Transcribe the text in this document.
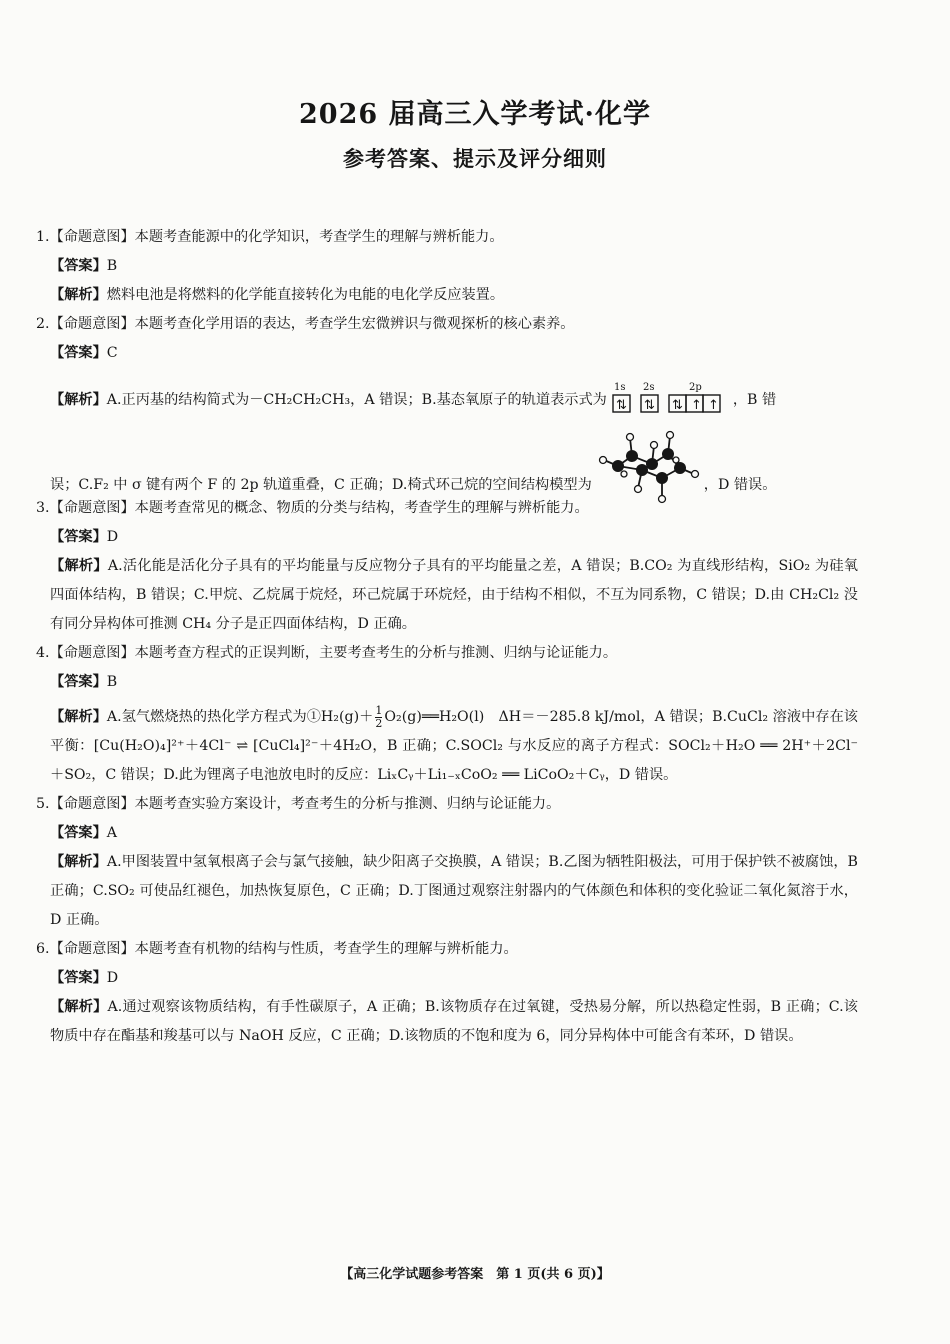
2026 届高三入学考试·化学
参考答案、提示及评分细则

1.【命题意图】本题考查能源中的化学知识，考查学生的理解与辨析能力。

【答案】B

【解析】燃料电池是将燃料的化学能直接转化为电能的电化学反应装置。

2.【命题意图】本题考查化学用语的表达，考查学生宏微辨识与微观探析的核心素养。

【答案】C

【解析】A.正丙基的结构简式为－CH₂CH₂CH₃，A 错误；B.基态氧原子的轨道表示式为
1s 2s	2p
⇅ ⇅ ⇅ ↑ ↑ ，B 错

误；C.F₂ 中 σ 键有两个 F 的 2p 轨道重叠，C 正确；D.椅式环己烷的空间结构模型为	，D 错误。

3.【命题意图】本题考查常见的概念、物质的分类与结构，考查学生的理解与辨析能力。

【答案】D

【解析】A.活化能是活化分子具有的平均能量与反应物分子具有的平均能量之差，A 错误；B.CO₂ 为直线形结构，SiO₂ 为硅氧四面体结构，B 错误；C.甲烷、乙烷属于烷烃，环己烷属于环烷烃，由于结构不相似，不互为同系物，C 错误；D.由 CH₂Cl₂ 没有同分异构体可推测 CH₄ 分子是正四面体结构，D 正确。

4.【命题意图】本题考查方程式的正误判断，主要考查考生的分析与推测、归纳与论证能力。

【答案】B

【解析】A.氢气燃烧热的热化学方程式为①H₂(g)＋ $\frac{1}{2}$ O₂(g)══H₂O(l)　ΔH＝－285.8 kJ/mol，A 错误；B.CuCl₂ 溶液中存在该平衡：[Cu(H₂O)₄]²⁺＋4Cl⁻ ⇌ [CuCl₄]²⁻＋4H₂O，B 正确；C.SOCl₂ 与水反应的离子方程式：SOCl₂＋H₂O ══ 2H⁺＋2Cl⁻＋SO₂，C 错误；D.此为锂离子电池放电时的反应：LiₓCᵧ＋Li₁₋ₓCoO₂ ══ LiCoO₂＋Cᵧ，D 错误。

5.【命题意图】本题考查实验方案设计，考查考生的分析与推测、归纳与论证能力。

【答案】A

【解析】A.甲图装置中氢氧根离子会与氯气接触，缺少阳离子交换膜，A 错误；B.乙图为牺牲阳极法，可用于保护铁不被腐蚀，B 正确；C.SO₂ 可使品红褪色，加热恢复原色，C 正确；D.丁图通过观察注射器内的气体颜色和体积的变化验证二氧化氮溶于水，D 正确。

6.【命题意图】本题考查有机物的结构与性质，考查学生的理解与辨析能力。

【答案】D

【解析】A.通过观察该物质结构，有手性碳原子，A 正确；B.该物质存在过氧键，受热易分解，所以热稳定性弱，B 正确；C.该物质中存在酯基和羧基可以与 NaOH 反应，C 正确；D.该物质的不饱和度为 6，同分异构体中可能含有苯环，D 错误。

【高三化学试题参考答案　第 1 页(共 6 页)】
